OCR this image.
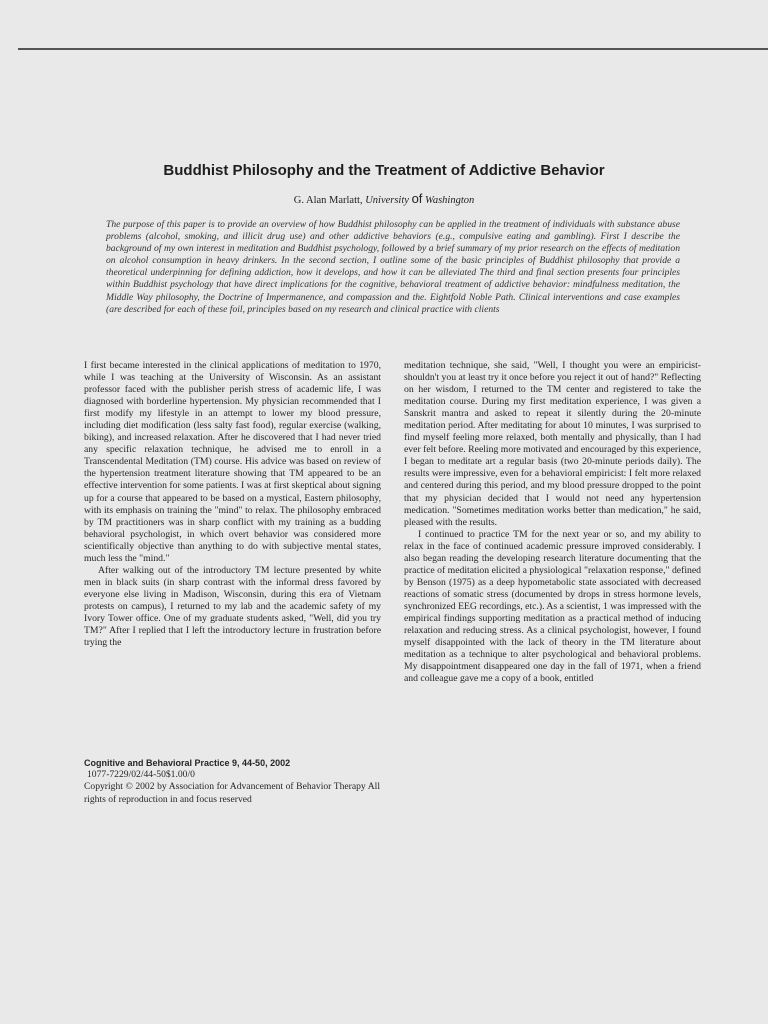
Buddhist Philosophy and the Treatment of Addictive Behavior
G. Alan Marlatt, University of Washington
The purpose of this paper is to provide an overview of how Buddhist philosophy can be applied in the treatment of individuals with substance abuse problems (alcohol, smoking, and illicit drug use) and other addictive behaviors (e.g., compulsive eating and gambling). First I describe the background of my own interest in meditation and Buddhist psychology, followed by a brief summary of my prior research on the effects of meditation on alcohol consumption in heavy drinkers. In the second section, I outline some of the basic principles of Buddhist philosophy that provide a theoretical underpinning for defining addiction, how it develops, and how it can be alleviated The third and final section presents four principles within Buddhist psychology that have direct implications for the cognitive, behavioral treatment of addictive behavior: mindfulness meditation, the Middle Way philosophy, the Doctrine of Impermanence, and compassion and the. Eightfold Noble Path. Clinical interventions and case examples (are described for each of these foil, principles based on my research and clinical practice with clients

I first became interested in the clinical applications of meditation to 1970, while I was teaching at the University of Wisconsin. As an assistant professor faced with the publisher perish stress of academic life, I was diagnosed with borderline hypertension. My physician recommended that I first modify my lifestyle in an attempt to lower my blood pressure, including diet modification (less salty fast food), regular exercise (walking, biking), and increased relaxation. After he discovered that I had never tried any specific relaxation technique, he advised me to enroll in a Transcendental Meditation (TM) course. His advice was based on review of the hypertension treatment literature showing that TM appeared to be an effective intervention for some patients. I was at first skeptical about signing up for a course that appeared to be based on a mystical, Eastern philosophy, with its emphasis on training the "mind" to relax. The philosophy embraced by TM practitioners was in sharp conflict with my training as a budding behavioral psychologist, in which overt behavior was considered more scientifically objective than anything to do with subjective mental states, much less the "mind."

After walking out of the introductory TM lecture presented by white men in black suits (in sharp contrast with the informal dress favored by everyone else living in Madison, Wisconsin, during this era of Vietnam protests on campus), I returned to my lab and the academic safety of my Ivory Tower office. One of my graduate students asked, "Well, did you try TM?" After I replied that I left the introductory lecture in frustration before trying the

meditation technique, she said, "Well, I thought you were an empiricist-shouldn't you at least try it once before you reject it out of hand?" Reflecting on her wisdom, I returned to the TM center and registered to take the meditation course. During my first meditation experience, I was given a Sanskrit mantra and asked to repeat it silently during the 20-minute meditation period. After meditating for about 10 minutes, I was surprised to find myself feeling more relaxed, both mentally and physically, than I had ever felt before. Reeling more motivated and encouraged by this experience, I began to meditate art a regular basis (two 20-minute periods daily). The results were impressive, even for a behavioral empiricist: I felt more relaxed and centered during this period, and my blood pressure dropped to the point that my physician decided that I would not need any hypertension medication. "Sometimes meditation works better than medication," he said, pleased with the results.

I continued to practice TM for the next year or so, and my ability to relax in the face of continued academic pressure improved considerably. I also began reading the developing research literature documenting that the practice of meditation elicited a physiological "relaxation response," defined by Benson (1975) as a deep hypometabolic state associated with decreased reactions of somatic stress (documented by drops in stress hormone levels, synchronized EEG recordings, etc.). As a scientist, 1 was impressed with the empirical findings supporting meditation as a practical method of inducing relaxation and reducing stress. As a clinical psychologist, however, I found myself disappointed with the lack of theory in the TM literature about meditation as a technique to alter psychological and behavioral problems. My disappointment disappeared one day in the fall of 1971, when a friend and colleague gave me a copy of a book, entitled

Cognitive and Behavioral Practice 9, 44-50, 2002
1077-7229/02/44-50$1.00/0
Copyright © 2002 by Association for Advancement of Behavior Therapy All rights of reproduction in and focus reserved
